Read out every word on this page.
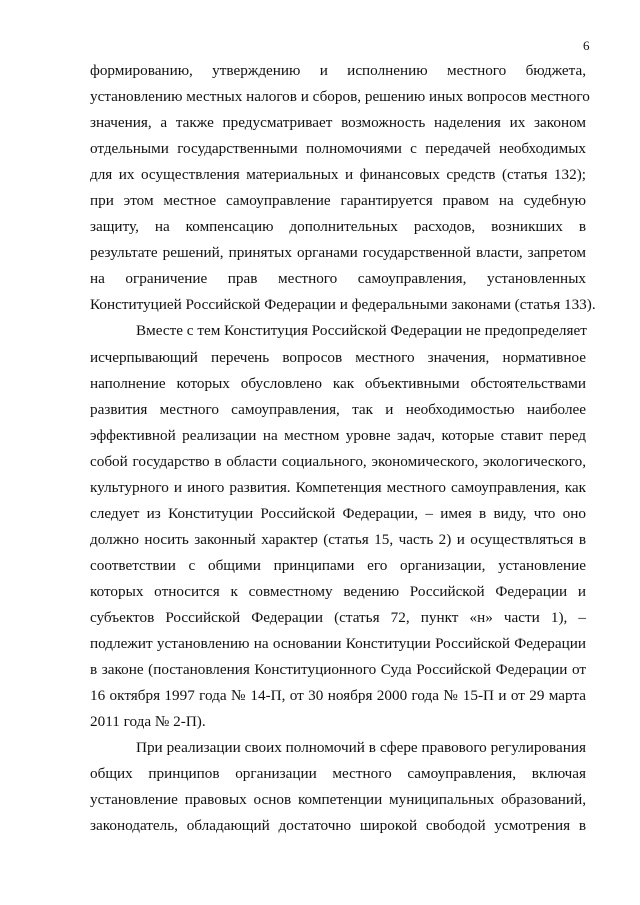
6
формированию, утверждению и исполнению местного бюджета,
установлению местных налогов и сборов, решению иных вопросов местного
значения, а также предусматривает возможность наделения их законом
отдельными государственными полномочиями с передачей необходимых
для их осуществления материальных и финансовых средств (статья 132);
при этом местное самоуправление гарантируется правом на судебную
защиту, на компенсацию дополнительных расходов, возникших в
результате решений, принятых органами государственной власти, запретом
на ограничение прав местного самоуправления, установленных
Конституцией Российской Федерации и федеральными законами (статья 133).
Вместе с тем Конституция Российской Федерации не предопределяет
исчерпывающий перечень вопросов местного значения, нормативное
наполнение которых обусловлено как объективными обстоятельствами
развития местного самоуправления, так и необходимостью наиболее
эффективной реализации на местном уровне задач, которые ставит перед
собой государство в области социального, экономического, экологического,
культурного и иного развития. Компетенция местного самоуправления, как
следует из Конституции Российской Федерации, – имея в виду, что оно
должно носить законный характер (статья 15, часть 2) и осуществляться в
соответствии с общими принципами его организации, установление
которых относится к совместному ведению Российской Федерации и
субъектов Российской Федерации (статья 72, пункт «н» части 1), –
подлежит установлению на основании Конституции Российской Федерации
в законе (постановления Конституционного Суда Российской Федерации от
16 октября 1997 года № 14-П, от 30 ноября 2000 года № 15-П и от 29 марта
2011 года № 2-П).
При реализации своих полномочий в сфере правового регулирования
общих принципов организации местного самоуправления, включая
установление правовых основ компетенции муниципальных образований,
законодатель, обладающий достаточно широкой свободой усмотрения в
